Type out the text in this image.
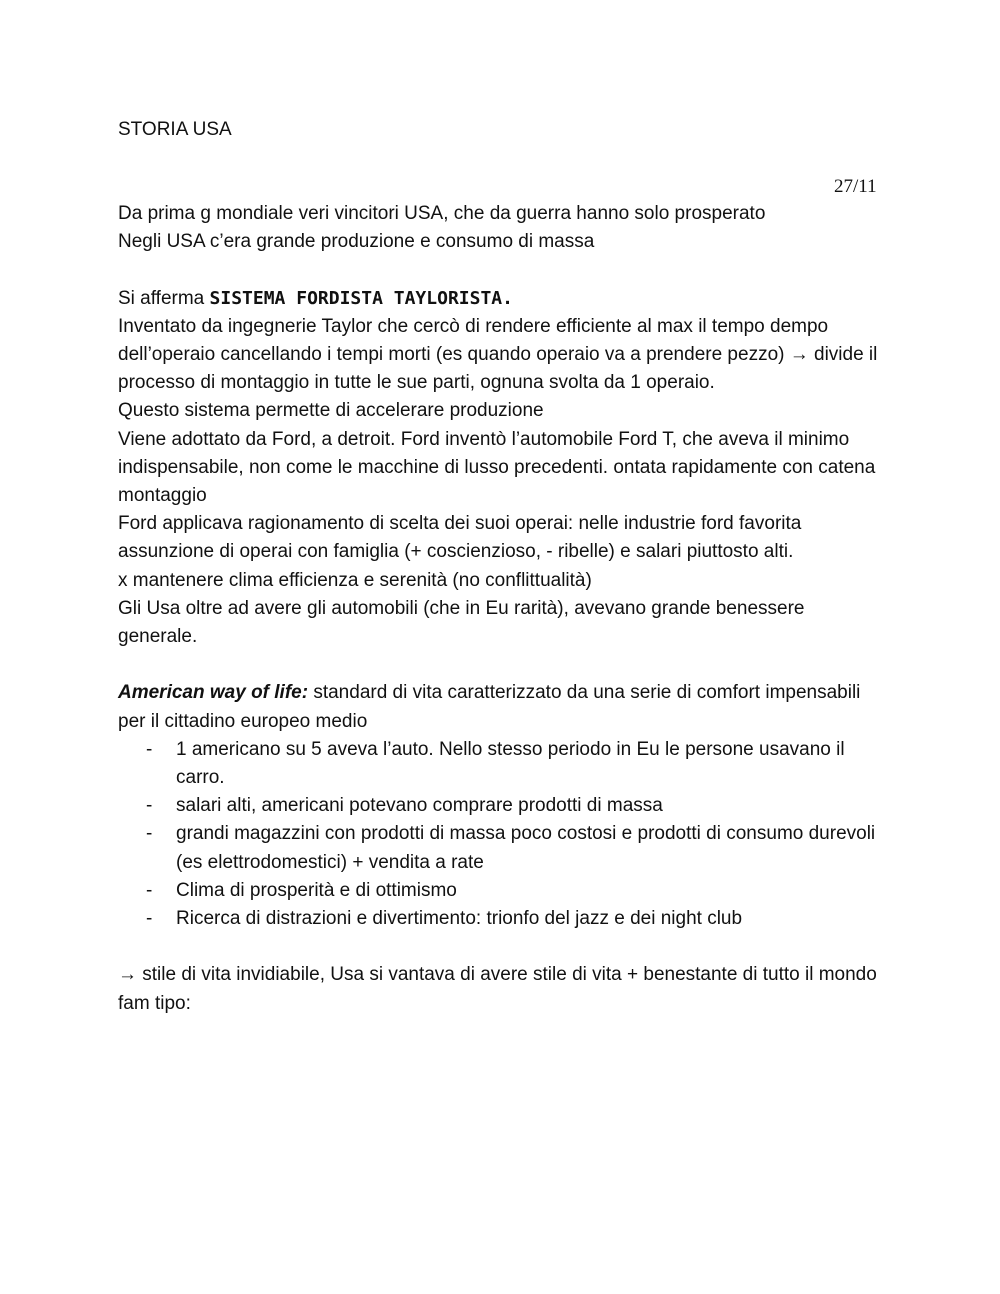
STORIA USA
27/11

Da prima g mondiale veri vincitori USA, che da guerra hanno solo prosperato

Negli USA c’era grande produzione e consumo di massa

Si afferma SISTEMA FORDISTA TAYLORISTA.

Inventato da ingegnerie Taylor che cercò di rendere efficiente al max il tempo dempo dell’operaio cancellando i tempi morti (es quando operaio va a prendere pezzo) → divide il processo di montaggio in tutte le sue parti, ognuna svolta da 1 operaio.

Questo sistema permette di accelerare produzione

Viene adottato da Ford, a detroit. Ford inventò l’automobile Ford T, che aveva il minimo indispensabile, non come le macchine di lusso precedenti. ontata rapidamente con catena montaggio

Ford applicava ragionamento di scelta dei suoi operai: nelle industrie ford favorita assunzione di operai con famiglia (+ coscienzioso, - ribelle) e salari piuttosto alti.

x mantenere clima efficienza e serenità (no conflittualità)

Gli Usa oltre ad avere gli automobili (che in Eu rarità), avevano grande benessere generale.

American way of life: standard di vita caratterizzato da una serie di comfort impensabili per il cittadino europeo medio

- 1 americano su 5 aveva l’auto. Nello stesso periodo in Eu le persone usavano il carro.
- salari alti, americani potevano comprare prodotti di massa
- grandi magazzini con prodotti di massa poco costosi e prodotti di consumo durevoli (es elettrodomestici) + vendita a rate
- Clima di prosperità e di ottimismo
- Ricerca di distrazioni e divertimento: trionfo del jazz e dei night club

→ stile di vita invidiabile, Usa si vantava di avere stile di vita + benestante di tutto il mondo

fam tipo:
